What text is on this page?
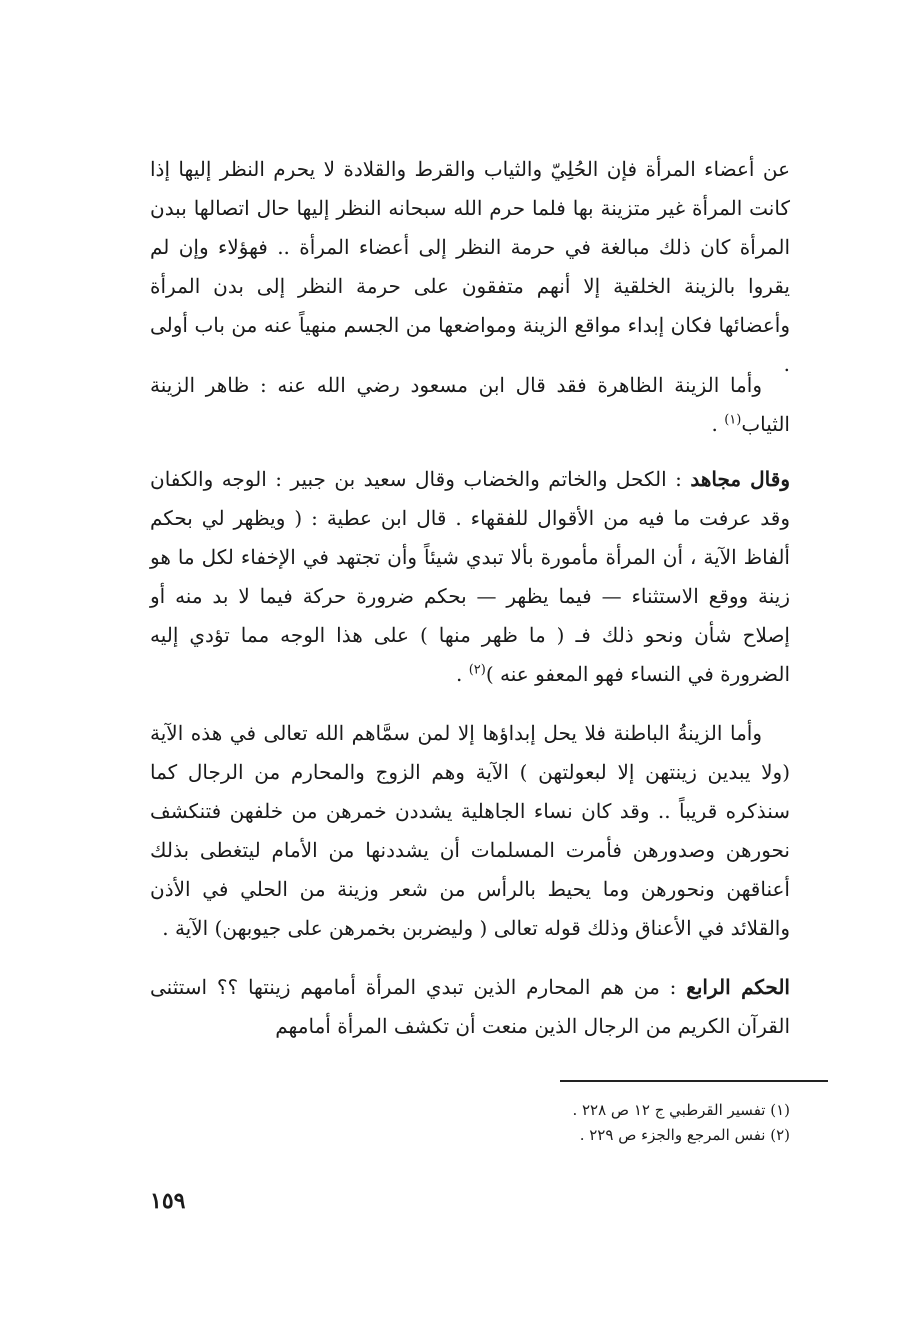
عن أعضاء المرأة فإن الحُلِيّ والثياب والقرط والقلادة لا يحرم النظر إليها إذا كانت المرأة غير متزينة بها فلما حرم الله سبحانه النظر إليها حال اتصالها ببدن المرأة كان ذلك مبالغة في حرمة النظر إلى أعضاء المرأة .. فهؤلاء وإن لم يقروا بالزينة الخلقية إلا أنهم متفقون على حرمة النظر إلى بدن المرأة وأعضائها فكان إبداء مواقع الزينة ومواضعها من الجسم منهياً عنه من باب أولى .

وأما الزينة الظاهرة فقد قال ابن مسعود رضي الله عنه : ظاهر الزينة الثياب$^{(١)}$ .

وقال مجاهد : الكحل والخاتم والخضاب وقال سعيد بن جبير : الوجه والكفان وقد عرفت ما فيه من الأقوال للفقهاء . قال ابن عطية : ( ويظهر لي بحكم ألفاظ الآية ، أن المرأة مأمورة بألا تبدي شيئاً وأن تجتهد في الإخفاء لكل ما هو زينة ووقع الاستثناء — فيما يظهر — بحكم ضرورة حركة فيما لا بد منه أو إصلاح شأن ونحو ذلك فـ ( ما ظهر منها ) على هذا الوجه مما تؤدي إليه الضرورة في النساء فهو المعفو عنه )$^{(٢)}$ .

وأما الزينةُ الباطنة فلا يحل إبداؤها إلا لمن سمَّاهم الله تعالى في هذه الآية (ولا يبدين زينتهن إلا لبعولتهن ) الآية وهم الزوج والمحارم من الرجال كما سنذكره قريباً .. وقد كان نساء الجاهلية يشددن خمرهن من خلفهن فتنكشف نحورهن وصدورهن فأمرت المسلمات أن يشددنها من الأمام ليتغطى بذلك أعناقهن ونحورهن وما يحيط بالرأس من شعر وزينة من الحلي في الأذن والقلائد في الأعناق وذلك قوله تعالى ( وليضربن بخمرهن على جيوبهن) الآية .

الحكم الرابع : من هم المحارم الذين تبدي المرأة أمامهم زينتها ؟؟ استثنى القرآن الكريم من الرجال الذين منعت أن تكشف المرأة أمامهم

(١) تفسير القرطبي ج ١٢ ص ٢٢٨ .

(٢) نفس المرجع والجزء ص ٢٢٩ .

١٥٩
